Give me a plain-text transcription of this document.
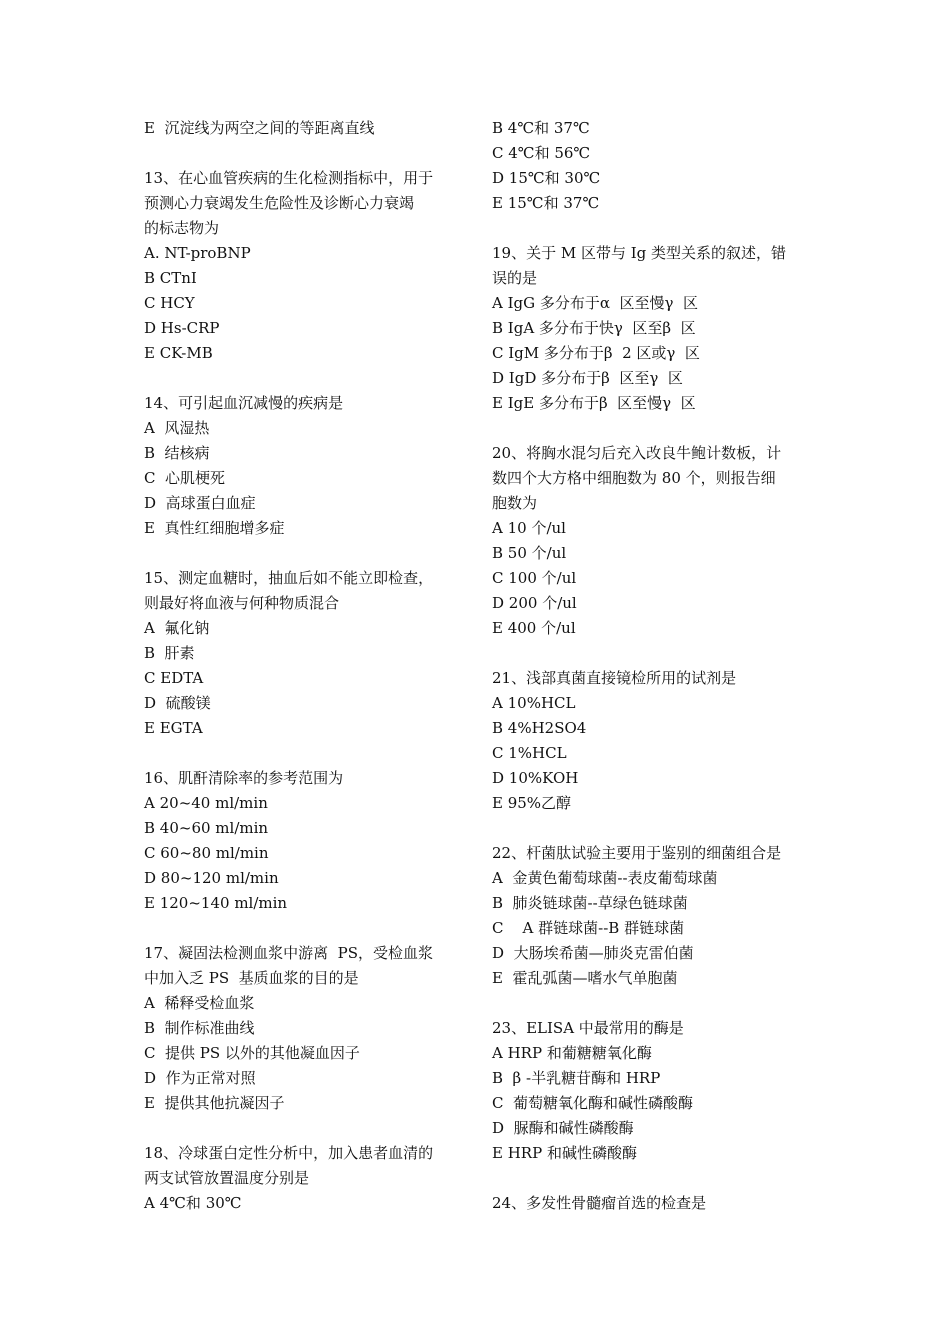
E  沉淀线为两空之间的等距离直线
13、在心血管疾病的生化检测指标中，用于
预测心力衰竭发生危险性及诊断心力衰竭
的标志物为
A. NT-proBNP
B CTnI
C HCY
D Hs-CRP
E CK-MB
14、可引起血沉减慢的疾病是
A  风湿热
B  结核病
C  心肌梗死
D  高球蛋白血症
E  真性红细胞增多症
15、测定血糖时，抽血后如不能立即检查，
则最好将血液与何种物质混合
A  氟化钠
B  肝素
C EDTA
D  硫酸镁
E EGTA
16、肌酐清除率的参考范围为
A 20~40 ml/min
B 40~60 ml/min
C 60~80 ml/min
D 80~120 ml/min
E 120~140 ml/min
17、凝固法检测血浆中游离  PS，受检血浆
中加入乏 PS  基质血浆的目的是
A  稀释受检血浆
B  制作标准曲线
C  提供 PS 以外的其他凝血因子
D  作为正常对照
E  提供其他抗凝因子
18、冷球蛋白定性分析中，加入患者血清的
两支试管放置温度分别是
A 4℃和 30℃
B 4℃和 37℃
C 4℃和 56℃
D 15℃和 30℃
E 15℃和 37℃
19、关于 M 区带与 Ig 类型关系的叙述，错
误的是
A IgG 多分布于α  区至慢γ  区
B IgA 多分布于快γ  区至β  区
C IgM 多分布于β  2 区或γ  区
D IgD 多分布于β  区至γ  区
E IgE 多分布于β  区至慢γ  区
20、将胸水混匀后充入改良牛鲍计数板，计
数四个大方格中细胞数为 80 个，则报告细
胞数为
A 10 个/ul
B 50 个/ul
C 100 个/ul
D 200 个/ul
E 400 个/ul
21、浅部真菌直接镜检所用的试剂是
A 10%HCL
B 4%H2SO4
C 1%HCL
D 10%KOH
E 95%乙醇
22、杆菌肽试验主要用于鉴别的细菌组合是
A  金黄色葡萄球菌--表皮葡萄球菌
B  肺炎链球菌--草绿色链球菌
C    A 群链球菌--B 群链球菌
D  大肠埃希菌—肺炎克雷伯菌
E  霍乱弧菌—嗜水气单胞菌
23、ELISA 中最常用的酶是
A HRP 和葡糖糖氧化酶
B  β -半乳糖苷酶和 HRP
C  葡萄糖氧化酶和碱性磷酸酶
D  脲酶和碱性磷酸酶
E HRP 和碱性磷酸酶
24、多发性骨髓瘤首选的检查是
